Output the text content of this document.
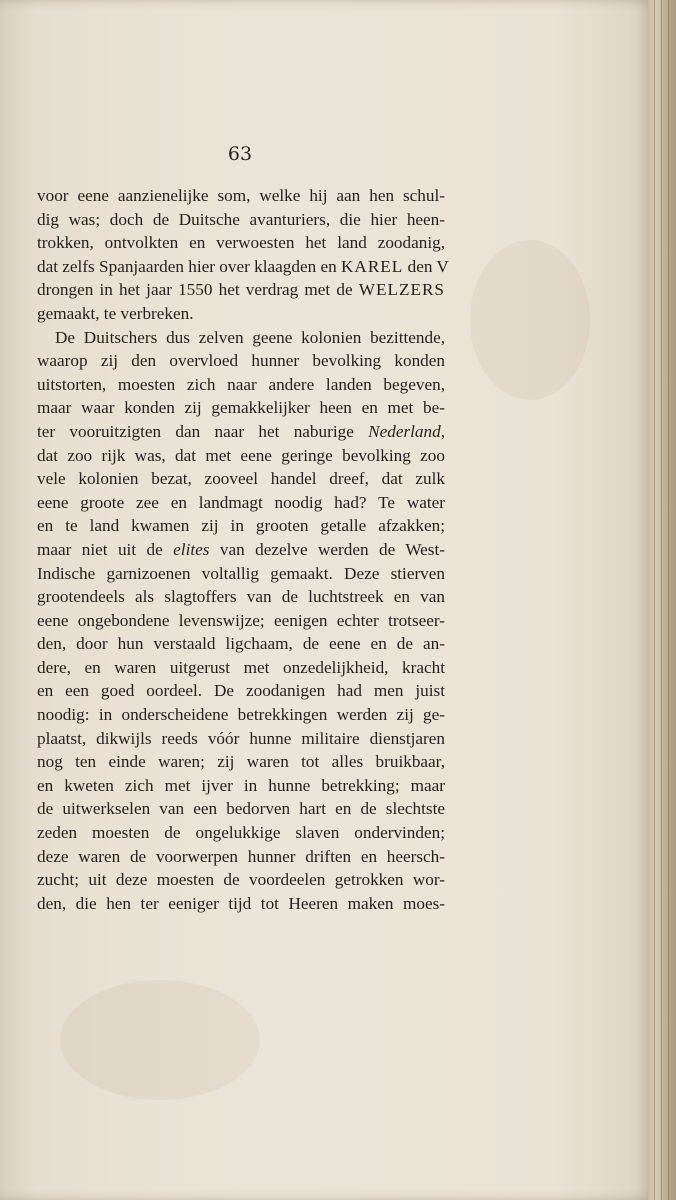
63
voor eene aanzienelijke som, welke hij aan hen schul-
dig was; doch de Duitsche avanturiers, die hier heen-
trokken, ontvolkten en verwoesten het land zoodanig,
dat zelfs Spanjaarden hier over klaagden en KAREL den V
drongen in het jaar 1550 het verdrag met de WELZERS
gemaakt, te verbreken.
De Duitschers dus zelven geene kolonien bezittende,
waarop zij den overvloed hunner bevolking konden
uitstorten, moesten zich naar andere landen begeven,
maar waar konden zij gemakkelijker heen en met be-
ter vooruitzigten dan naar het naburige Nederland,
dat zoo rijk was, dat met eene geringe bevolking zoo
vele kolonien bezat, zooveel handel dreef, dat zulk
eene groote zee en landmagt noodig had? Te water
en te land kwamen zij in grooten getalle afzakken;
maar niet uit de elites van dezelve werden de West-
Indische garnizoenen voltallig gemaakt. Deze stierven
grootendeels als slagtoffers van de luchtstreek en van
eene ongebondene levenswijze; eenigen echter trotseer-
den, door hun verstaald ligchaam, de eene en de an-
dere, en waren uitgerust met onzedelijkheid, kracht
en een goed oordeel. De zoodanigen had men juist
noodig: in onderscheidene betrekkingen werden zij ge-
plaatst, dikwijls reeds vóór hunne militaire dienstjaren
nog ten einde waren; zij waren tot alles bruikbaar,
en kweten zich met ijver in hunne betrekking; maar
de uitwerkselen van een bedorven hart en de slechtste
zeden moesten de ongelukkige slaven ondervinden;
deze waren de voorwerpen hunner driften en heersch-
zucht; uit deze moesten de voordeelen getrokken wor-
den, die hen ter eeniger tijd tot Heeren maken moes-
